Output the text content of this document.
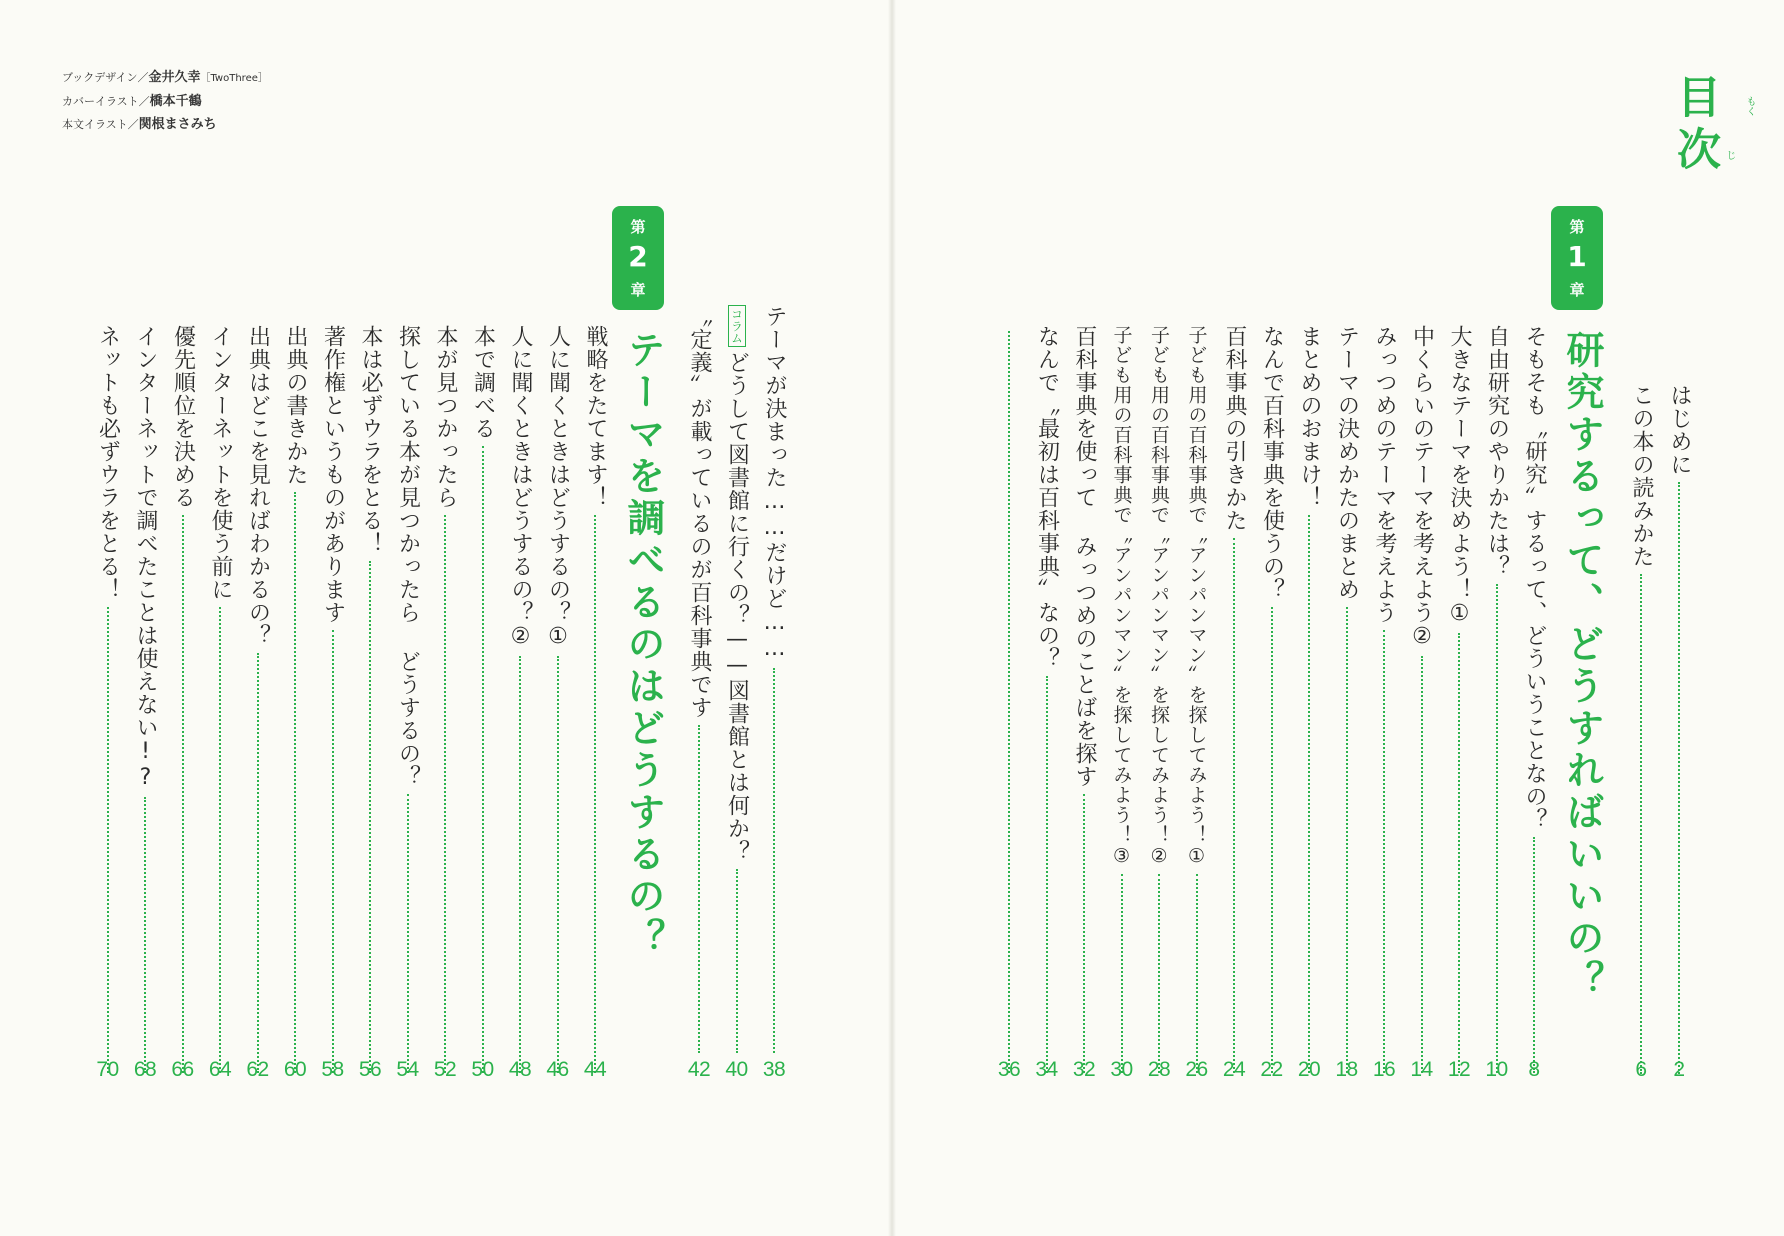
ブックデザイン／金井久幸［TwoThree］
カバーイラスト／橋本千鶴
本文イラスト／関根まさみち	目次	もく
じ
はじめに
2
この本の読みかた
6
第
1
章
研究するって、どうすればいいの？
そもそも〝研究〟するって、どういうことなの？
8
自由研究のやりかたは？
10
大きなテーマを決めよう！①
12
中くらいのテーマを考えよう②
14
みっつめのテーマを考えよう
16
テーマの決めかたのまとめ
18
まとめのおまけ！
20
なんで百科事典を使うの？
22
百科事典の引きかた
24
子ども用の百科事典で〝アンパンマン〟を探してみよう！①
26
子ども用の百科事典で〝アンパンマン〟を探してみよう！②
28
子ども用の百科事典で〝アンパンマン〟を探してみよう！③
30
百科事典を使って みっつめのことばを探す
32
なんで〝最初は百科事典〟なの？
34
36
テーマが決まった……だけど……
38
コラム
どうして図書館に行くの？——図書館とは何か？
40
〝定義〟が載っているのが百科事典です
42
第
2
章
テーマを調べるのはどうするの？
戦略をたてます！
44
人に聞くときはどうするの？①
46
人に聞くときはどうするの？②
48
本で調べる
50
本が見つかったら
52
探している本が見つかったら どうするの？
54
本は必ずウラをとる！
56
著作権というものがあります
58
出典の書きかた
60
出典はどこを見ればわかるの？
62
インターネットを使う前に
64
優先順位を決める
66
インターネットで調べたことは使えない!?
68
ネットも必ずウラをとる！
70
